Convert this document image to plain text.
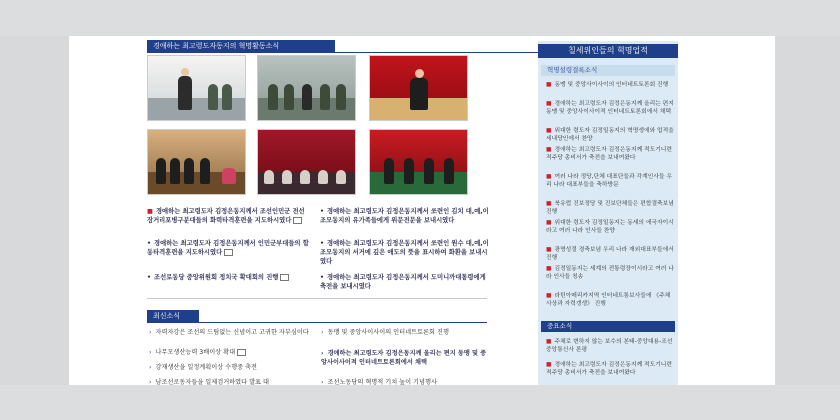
경애하는 최고령도자동지의 혁명활동소식
■ 경애하는 최고령도자 김정은동지께서 조선인민군 전선장거리포병구분대들의 화력타격훈련을 지도하시였다
• 경애하는 최고령도자 김정은동지께서 인민군부대들의 합동타격훈련을 지도하시였다
• 조선로동당 중앙위원회 정치국 확대회의 진행
• 경애하는 최고령도자 김정은동지께서 쏘련인 김치 대,예,이조모동지의 유가족들에게 위문전문을 보내시였다
• 경애하는 최고령도자 김정은동지께서 쏘련인 원수 대,예,이조모동지의 서거에 깊은 애도의 뜻을 표시하여 화환을 보내시였다
• 경애하는 최고령도자 김정은동지께서 도미니까대통령에게 축전을 보내시였다
최신소식
› 자력자강은 조선의 드팀없는 신념이고 고귀한 자부심이다
› 나무모생산능력 3배이상 확대
› 강재생산을 일정계획이상 수행중 축전
› 남조선로동자들을 일제검거하였다 발표 대
› 동맹 및 중앙사이사이의 인터네트토론회 진행
› 경애하는 최고령도자 김정은동지께 올리는 편지 동맹 및 중앙사이사이적 인터네트토론회에서 채택
› 조선노동당의 혁명적 기치 높이 기념행사
칠세위인들의 혁명업적
혁명설령결록소식
■ 동맹 및 중앙사이사이의 인터네트토론회 진행
■ 경애하는 최고령도자 김정은동지께 올리는 편지 동맹 및 중앙사이사이적 인터네트토론회에서 채택
■ 위대한 령도자 김정일동지의 혁명생애와 업적을 세내당인에서 찬양
■ 경애하는 최고령도자 김정은동지께 적도기니련적주당 총비서가 축전을 보내여왔다
■ 여러 나라 정당,단체 대표단들과 각계인사들 우리 나라 대표부들을 축하방문
■ 북유럽 진보정당 및 진보단체들은 편합결축보념 진행
■ 위대한 령도자 김정일동지는 동세의 애국자이시라고 여러 나라 인사들 찬양
■ 광명성절 경축보념 우리 나라 재외대표부들에서 진행
■ 김정일동지는 세계의 전통령장이시라고 여러 나라 인사들 칭송
■ 라틴아메리카지역 인터네트통보사들에 《주체사상과 자력갱생》 진행
중요소식
■ 주체로 변하지 않는 보수의 본태-중앙대용-조선중앙통신사 론평
■ 경애하는 최고령도자 김정은동지께 적도기니련적주당 총비서가 축전을 보내여왔다
